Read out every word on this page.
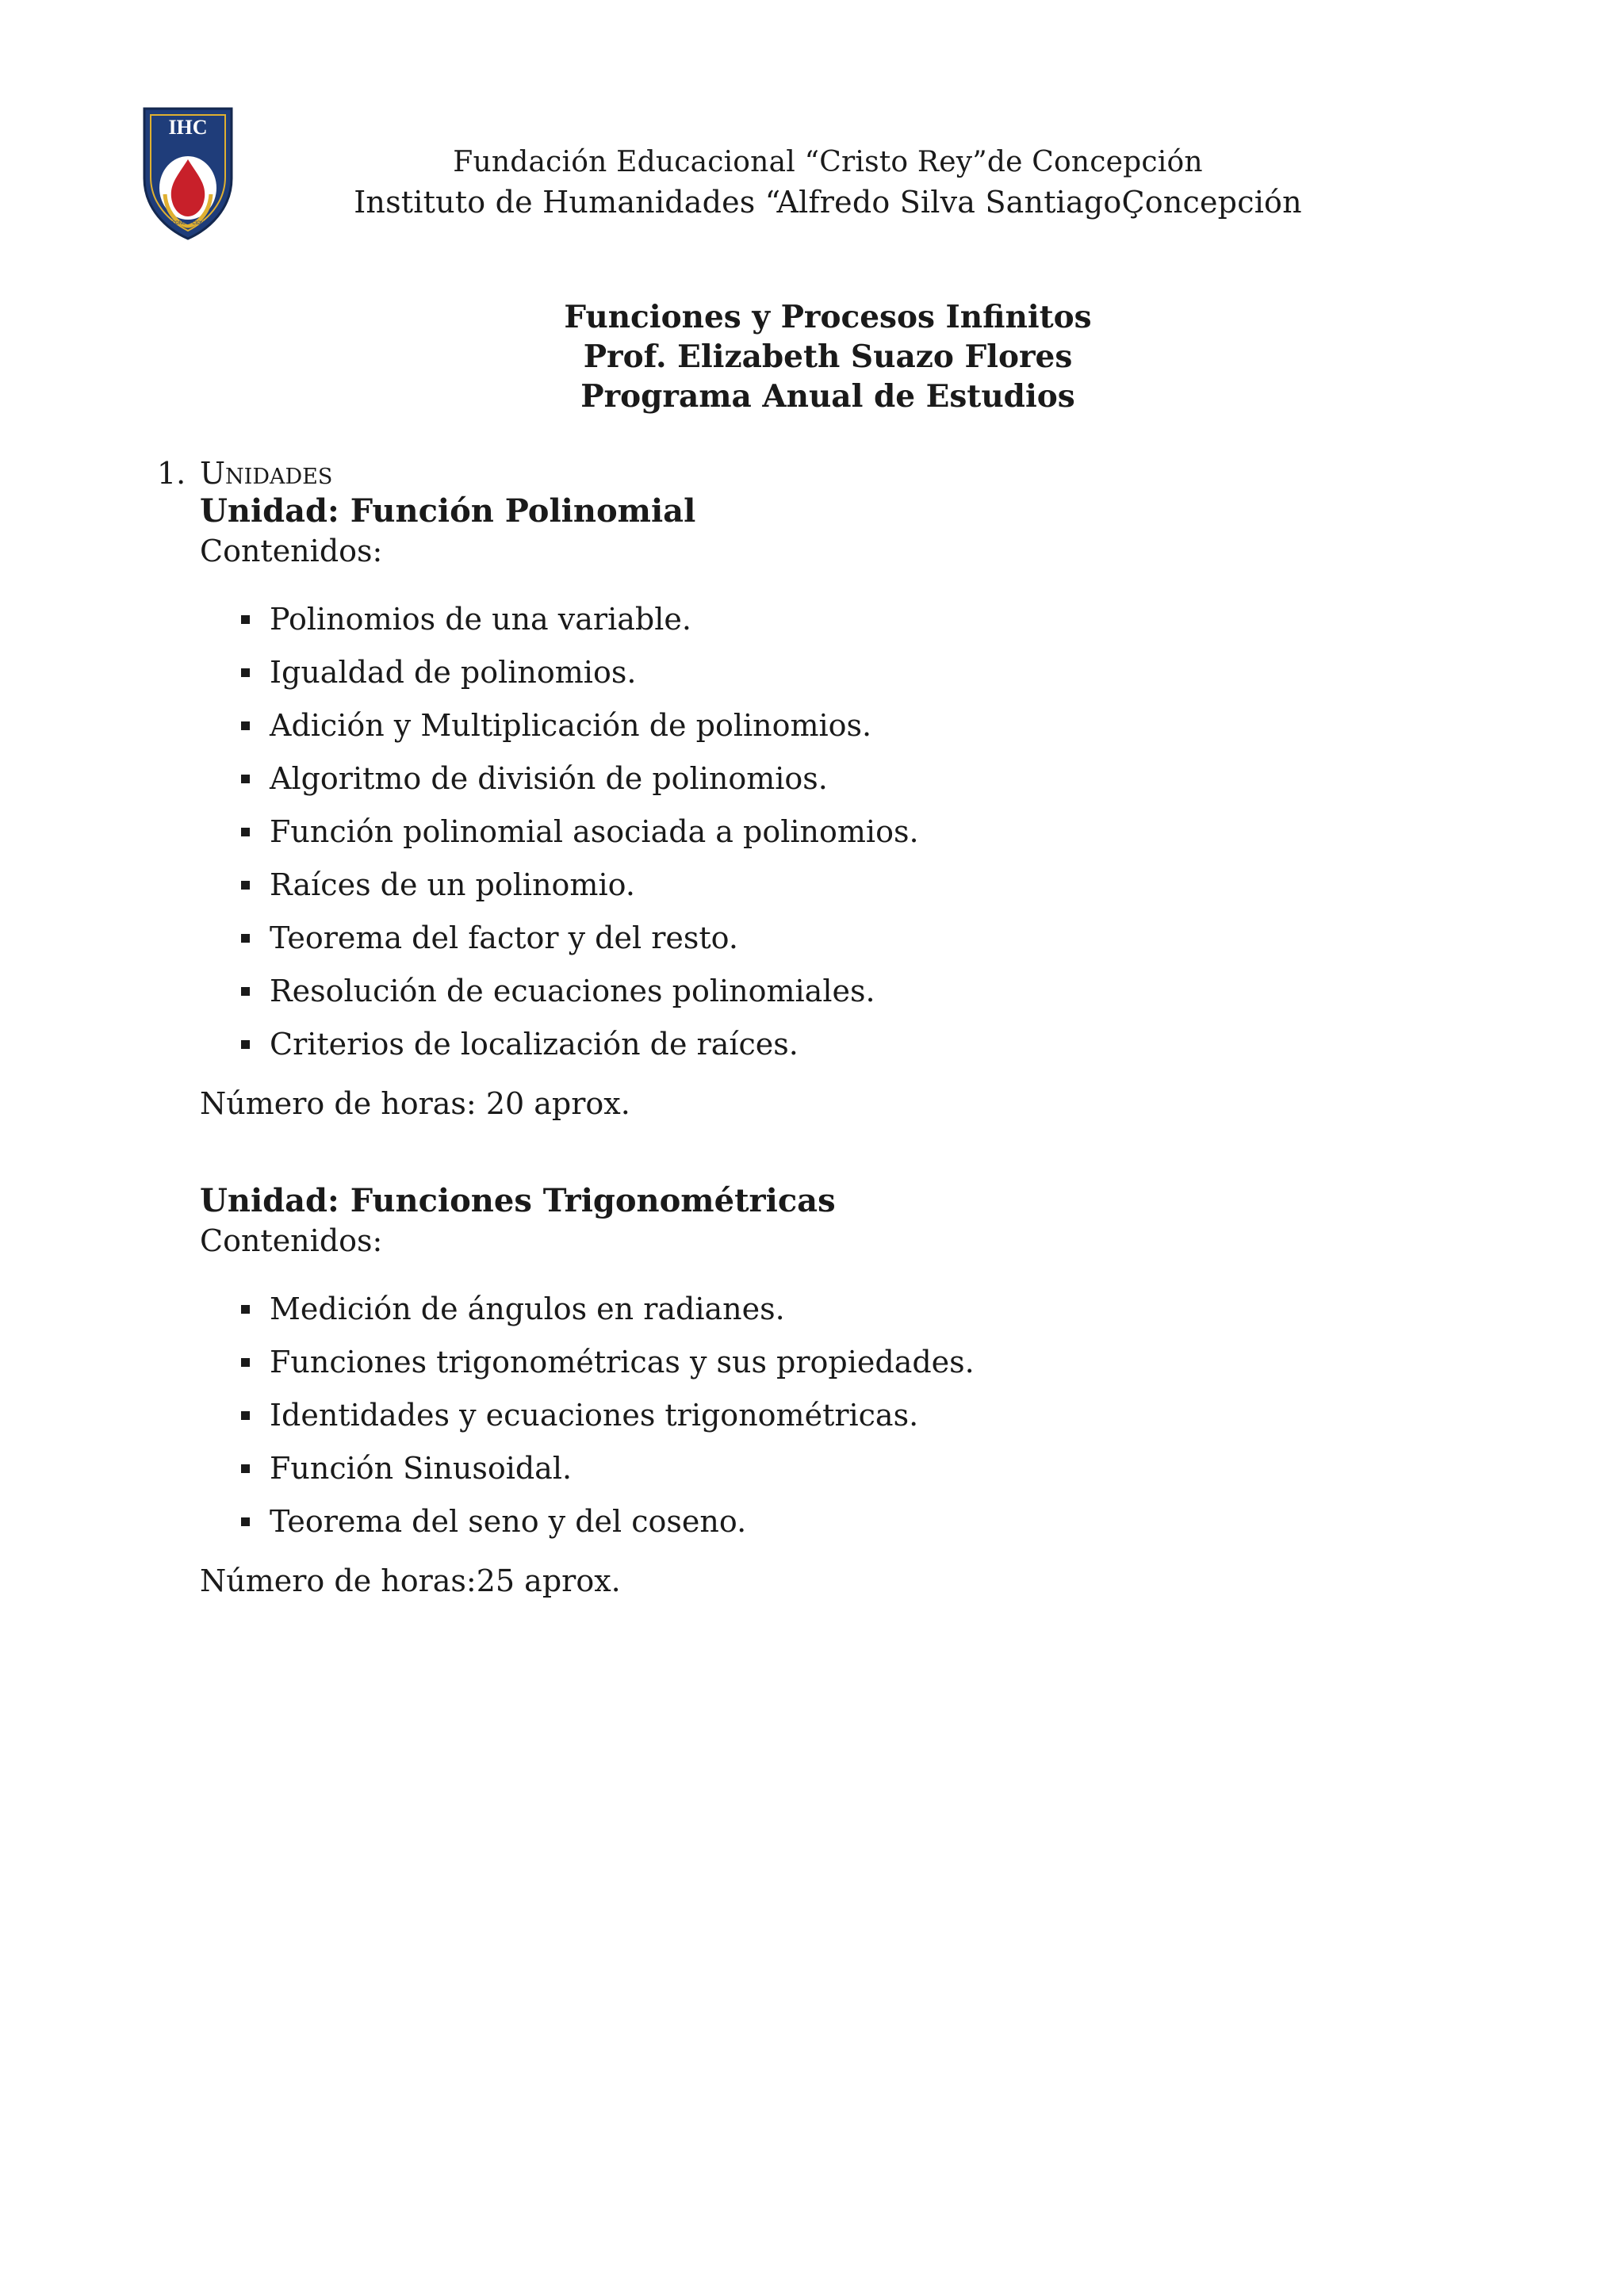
IHC
CONCEPCION
Fundación Educacional “Cristo Rey”de Concepción
Instituto de Humanidades “Alfredo Silva SantiagoÇoncepción
Funciones y Procesos Infinitos
Prof. Elizabeth Suazo Flores
Programa Anual de Estudios
1. Unidades

Unidad: Función Polinomial

Contenidos:

Polinomios de una variable.
Igualdad de polinomios.
Adición y Multiplicación de polinomios.
Algoritmo de división de polinomios.
Función polinomial asociada a polinomios.
Raíces de un polinomio.
Teorema del factor y del resto.
Resolución de ecuaciones polinomiales.
Criterios de localización de raíces.

Número de horas: 20 aprox.

Unidad: Funciones Trigonométricas

Contenidos:

Medición de ángulos en radianes.
Funciones trigonométricas y sus propiedades.
Identidades y ecuaciones trigonométricas.
Función Sinusoidal.
Teorema del seno y del coseno.

Número de horas:25 aprox.
